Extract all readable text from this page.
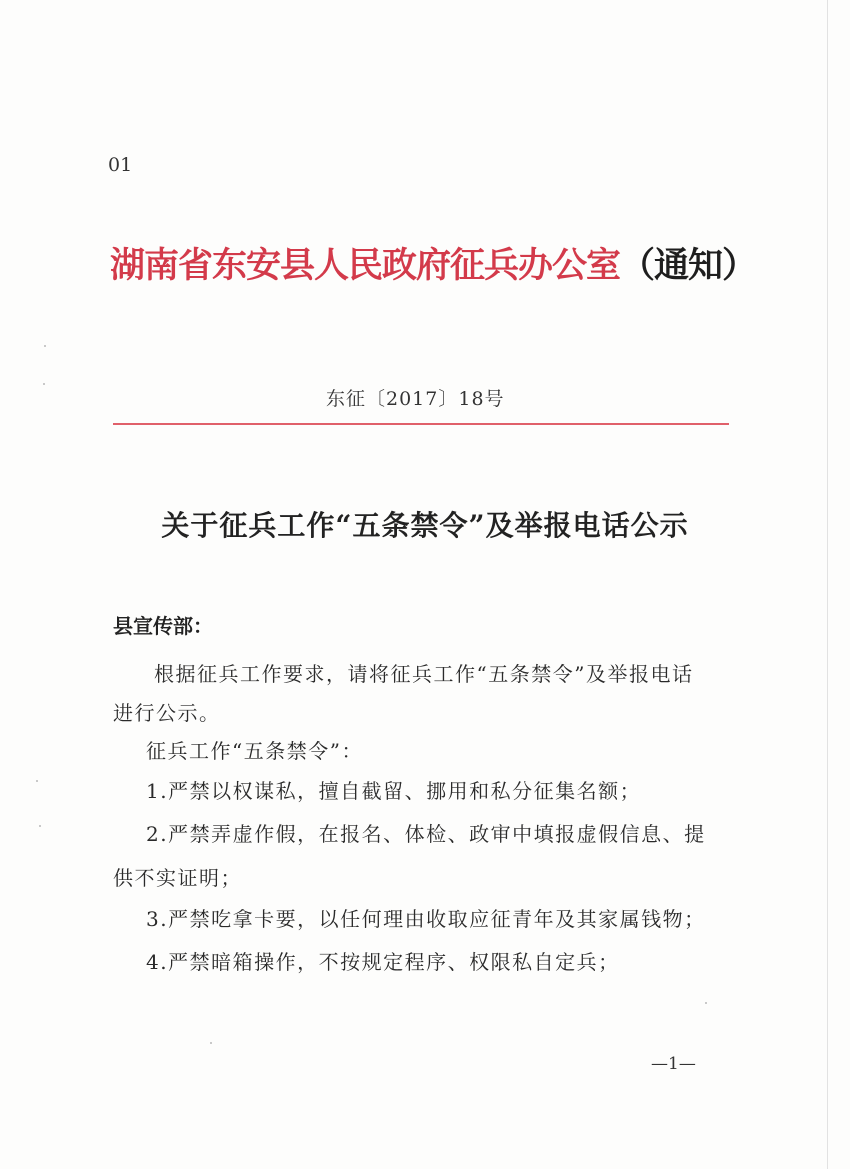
01
湖南省东安县人民政府征兵办公室（通知）
东征〔2017〕18号
关于征兵工作“五条禁令”及举报电话公示
县宣传部：
根据征兵工作要求，请将征兵工作“五条禁令”及举报电话
进行公示。
征兵工作“五条禁令”：
1.严禁以权谋私，擅自截留、挪用和私分征集名额；
2.严禁弄虚作假，在报名、体检、政审中填报虚假信息、提
供不实证明；
3.严禁吃拿卡要，以任何理由收取应征青年及其家属钱物；
4.严禁暗箱操作，不按规定程序、权限私自定兵；
—1—
